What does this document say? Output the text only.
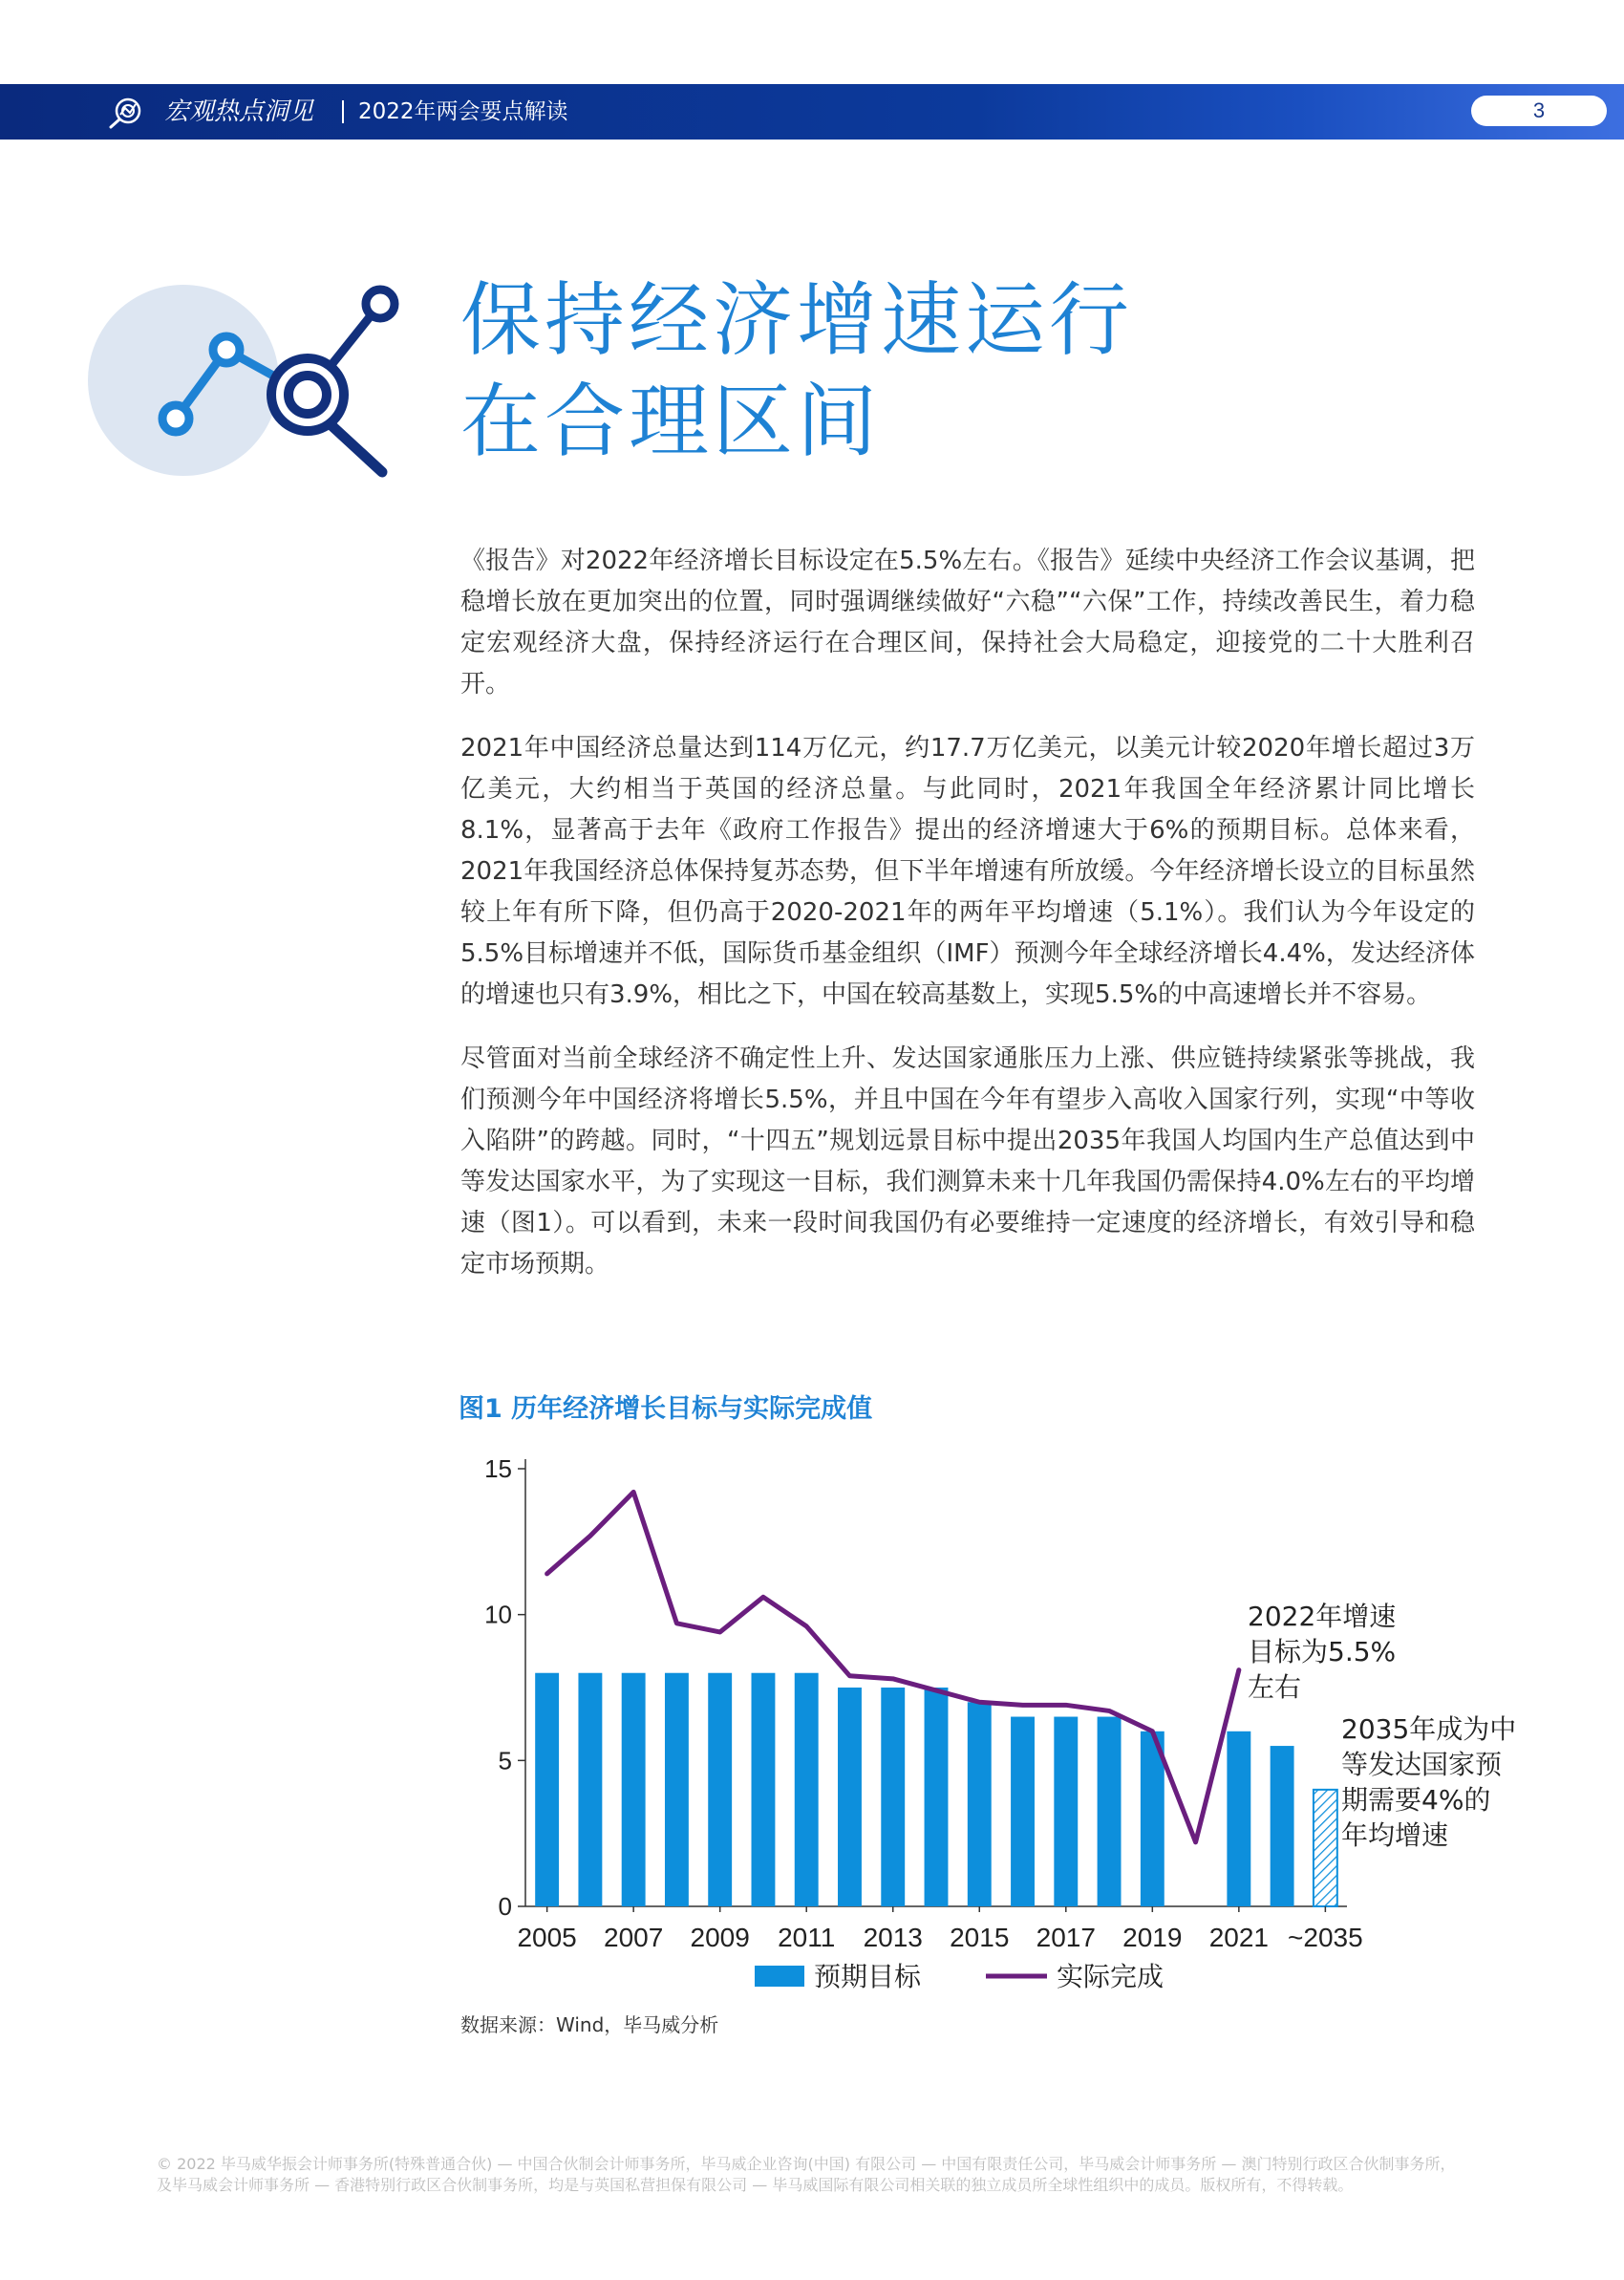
宏观热点洞见 2022年两会要点解读	3
保持经济增速运行
在合理区间

《报告》对2022年经济增长目标设定在5.5%左右。《报告》延续中央经济工作会议基调，把稳增长放在更加突出的位置，同时强调继续做好“六稳”“六保”工作，持续改善民生，着力稳定宏观经济大盘，保持经济运行在合理区间，保持社会大局稳定，迎接党的二十大胜利召开。

2021年中国经济总量达到114万亿元，约17.7万亿美元，以美元计较2020年增长超过3万亿美元，大约相当于英国的经济总量。与此同时，2021年我国全年经济累计同比增长8.1%，显著高于去年《政府工作报告》提出的经济增速大于6%的预期目标。总体来看，2021年我国经济总体保持复苏态势，但下半年增速有所放缓。今年经济增长设立的目标虽然较上年有所下降，但仍高于2020-2021年的两年平均增速（5.1%）。我们认为今年设定的5.5%目标增速并不低，国际货币基金组织（IMF）预测今年全球经济增长4.4%，发达经济体的增速也只有3.9%，相比之下，中国在较高基数上，实现5.5%的中高速增长并不容易。

尽管面对当前全球经济不确定性上升、发达国家通胀压力上涨、供应链持续紧张等挑战，我们预测今年中国经济将增长5.5%，并且中国在今年有望步入高收入国家行列，实现“中等收入陷阱”的跨越。同时，“十四五”规划远景目标中提出2035年我国人均国内生产总值达到中等发达国家水平，为了实现这一目标，我们测算未来十几年我国仍需保持4.0%左右的平均增速（图1）。可以看到，未来一段时间我国仍有必要维持一定速度的经济增长，有效引导和稳定市场预期。

图1 历年经济增长目标与实际完成值
0
5
10
15
2005 2007 2009 2011 2013 2015 2017 2019 2021 ~2035
2022年增速
目标为5.5%
左右
2035年成为中
等发达国家预
期需要4%的
年均增速
预期目标	实际完成
数据来源：Wind，毕马威分析
© 2022 毕马威华振会计师事务所(特殊普通合伙) — 中国合伙制会计师事务所，毕马威企业咨询(中国) 有限公司 — 中国有限责任公司，毕马威会计师事务所 — 澳门特别行政区合伙制事务所，
及毕马威会计师事务所 — 香港特别行政区合伙制事务所，均是与英国私营担保有限公司 — 毕马威国际有限公司相关联的独立成员所全球性组织中的成员。版权所有，不得转载。
